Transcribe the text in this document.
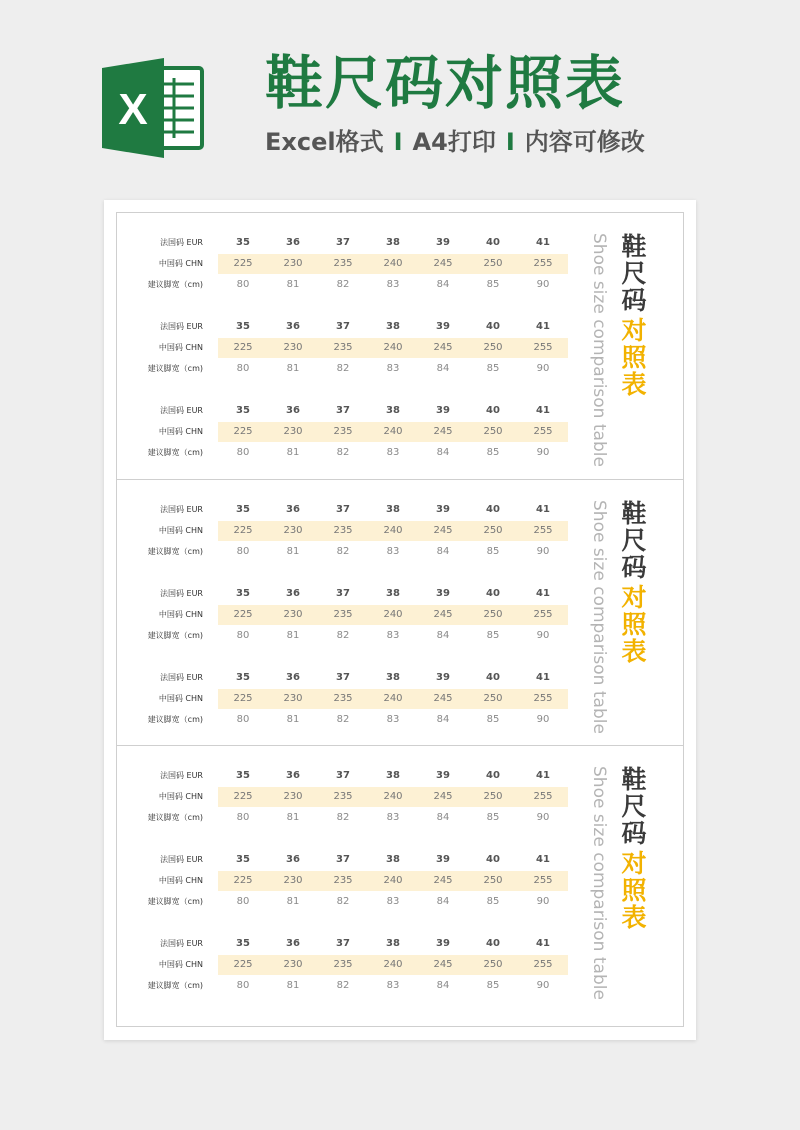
X 鞋尺码对照表
Excel格式 I A4打印 I 内容可修改
法国码 EUR	35	36	37	38	39	40	41
中国码 CHN	225	230	235	240	245	250	255
建议脚宽（cm)	80	81	82	83	84	85	90
法国码 EUR	35	36	37	38	39	40	41
中国码 CHN	225	230	235	240	245	250	255
建议脚宽（cm)	80	81	82	83	84	85	90
法国码 EUR	35	36	37	38	39	40	41
中国码 CHN	225	230	235	240	245	250	255
建议脚宽（cm)	80	81	82	83	84	85	90	Shoe size comparison table 鞋尺码
对照表
法国码 EUR	35	36	37	38	39	40	41
中国码 CHN	225	230	235	240	245	250	255
建议脚宽（cm)	80	81	82	83	84	85	90
法国码 EUR	35	36	37	38	39	40	41
中国码 CHN	225	230	235	240	245	250	255
建议脚宽（cm)	80	81	82	83	84	85	90
法国码 EUR	35	36	37	38	39	40	41
中国码 CHN	225	230	235	240	245	250	255
建议脚宽（cm)	80	81	82	83	84	85	90	Shoe size comparison table 鞋尺码
对照表
法国码 EUR	35	36	37	38	39	40	41
中国码 CHN	225	230	235	240	245	250	255
建议脚宽（cm)	80	81	82	83	84	85	90
法国码 EUR	35	36	37	38	39	40	41
中国码 CHN	225	230	235	240	245	250	255
建议脚宽（cm)	80	81	82	83	84	85	90
法国码 EUR	35	36	37	38	39	40	41
中国码 CHN	225	230	235	240	245	250	255
建议脚宽（cm)	80	81	82	83	84	85	90	Shoe size comparison table 鞋尺码
对照表
